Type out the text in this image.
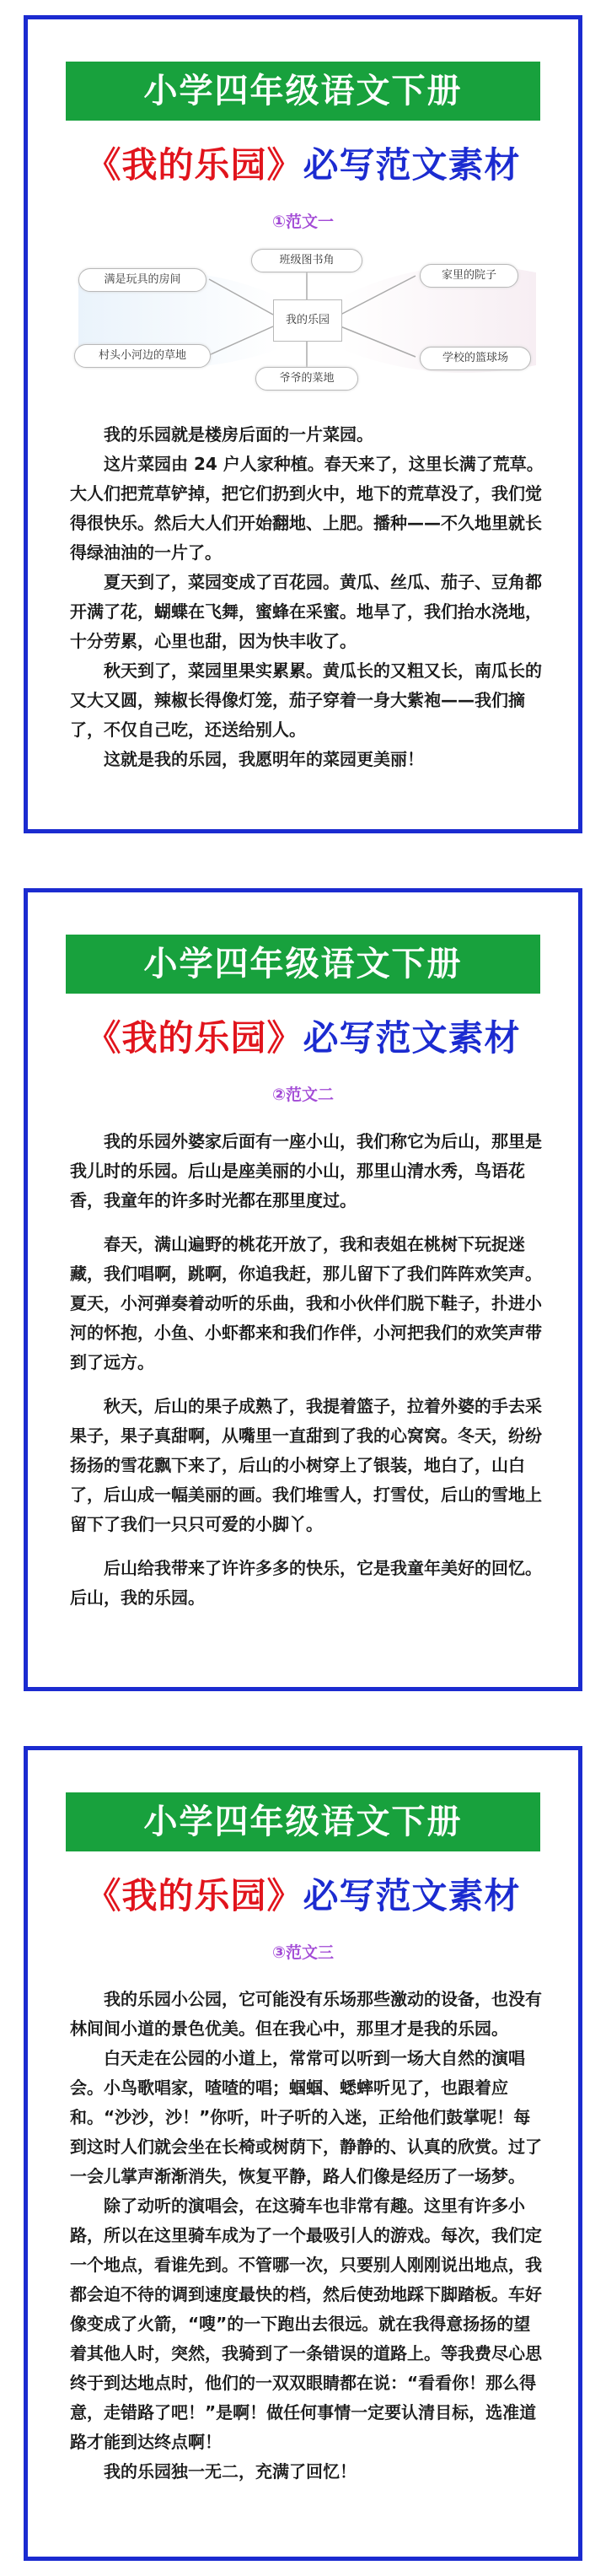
小学四年级语文下册
《我的乐园》必写范文素材
①范文一
满是玩具的房间
班级图书角
家里的院子
村头小河边的草地	学校的篮球场
爷爷的菜地
我的乐园

我的乐园就是楼房后面的一片菜园。

这片菜园由 24 户人家种植。春天来了，这里长满了荒草。大人们把荒草铲掉，把它们扔到火中，地下的荒草没了，我们觉得很快乐。然后大人们开始翻地、上肥。播种——不久地里就长得绿油油的一片了。

夏天到了，菜园变成了百花园。黄瓜、丝瓜、茄子、豆角都开满了花，蝴蝶在飞舞，蜜蜂在采蜜。地旱了，我们抬水浇地，十分劳累，心里也甜，因为快丰收了。

秋天到了，菜园里果实累累。黄瓜长的又粗又长，南瓜长的又大又圆，辣椒长得像灯笼，茄子穿着一身大紫袍——我们摘了，不仅自己吃，还送给别人。

这就是我的乐园，我愿明年的菜园更美丽！

小学四年级语文下册
《我的乐园》必写范文素材
②范文二

我的乐园外婆家后面有一座小山，我们称它为后山，那里是我儿时的乐园。后山是座美丽的小山，那里山清水秀，鸟语花香，我童年的许多时光都在那里度过。

春天，满山遍野的桃花开放了，我和表姐在桃树下玩捉迷藏，我们唱啊，跳啊，你追我赶，那儿留下了我们阵阵欢笑声。夏天，小河弹奏着动听的乐曲，我和小伙伴们脱下鞋子，扑进小河的怀抱，小鱼、小虾都来和我们作伴，小河把我们的欢笑声带到了远方。

秋天，后山的果子成熟了，我提着篮子，拉着外婆的手去采果子，果子真甜啊，从嘴里一直甜到了我的心窝窝。冬天，纷纷扬扬的雪花飘下来了，后山的小树穿上了银装，地白了，山白了，后山成一幅美丽的画。我们堆雪人，打雪仗，后山的雪地上留下了我们一只只可爱的小脚丫。

后山给我带来了许许多多的快乐，它是我童年美好的回忆。后山，我的乐园。

小学四年级语文下册
《我的乐园》必写范文素材
③范文三

我的乐园小公园，它可能没有乐场那些激动的设备，也没有林间间小道的景色优美。但在我心中，那里才是我的乐园。

白天走在公园的小道上，常常可以听到一场大自然的演唱会。小鸟歌唱家，喳喳的唱；蝈蝈、蟋蟀听见了，也跟着应和。“沙沙，沙！”你听，叶子听的入迷，正给他们鼓掌呢！每到这时人们就会坐在长椅或树荫下，静静的、认真的欣赏。过了一会儿掌声渐渐消失，恢复平静，路人们像是经历了一场梦。

除了动听的演唱会，在这骑车也非常有趣。这里有许多小路，所以在这里骑车成为了一个最吸引人的游戏。每次，我们定一个地点，看谁先到。不管哪一次，只要别人刚刚说出地点，我都会迫不待的调到速度最快的档，然后使劲地踩下脚踏板。车好像变成了火箭，“嗖”的一下跑出去很远。就在我得意扬扬的望着其他人时，突然，我骑到了一条错误的道路上。等我费尽心思终于到达地点时，他们的一双双眼睛都在说：“看看你！那么得意，走错路了吧！”是啊！做任何事情一定要认清目标，选准道路才能到达终点啊！

我的乐园独一无二，充满了回忆！
